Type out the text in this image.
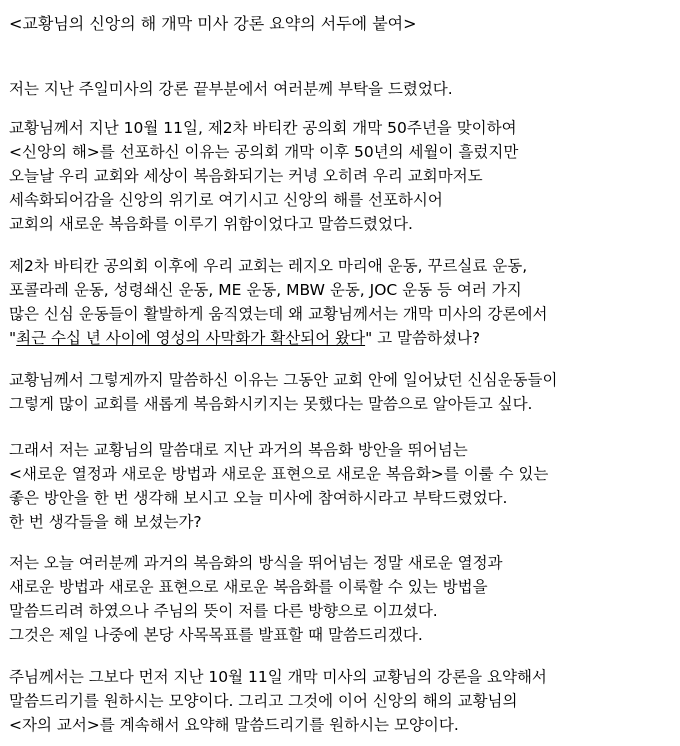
<교황님의 신앙의 해 개막 미사 강론 요약의 서두에 붙여>
저는 지난 주일미사의 강론 끝부분에서 여러분께 부탁을 드렸었다.
교황님께서 지난 10월 11일, 제2차 바티칸 공의회 개막 50주년을 맞이하여
<신앙의 해>를 선포하신 이유는 공의회 개막 이후 50년의 세월이 흘렀지만
오늘날 우리 교회와 세상이 복음화되기는 커녕 오히려 우리 교회마저도
세속화되어감을 신앙의 위기로 여기시고 신앙의 해를 선포하시어
교회의 새로운 복음화를 이루기 위함이었다고 말씀드렸었다.
제2차 바티칸 공의회 이후에 우리 교회는 레지오 마리애 운동, 꾸르실료 운동,
포콜라레 운동, 성령쇄신 운동, ME 운동, MBW 운동, JOC 운동 등 여러 가지
많은 신심 운동들이 활발하게 움직였는데 왜 교황님께서는 개막 미사의 강론에서
"최근 수십 년 사이에 영성의 사막화가 확산되어 왔다" 고 말씀하셨나?
교황님께서 그렇게까지 말씀하신 이유는 그동안 교회 안에 일어났던 신심운동들이
그렇게 많이 교회를 새롭게 복음화시키지는 못했다는 말씀으로 알아듣고 싶다.
그래서 저는 교황님의 말씀대로 지난 과거의 복음화 방안을 뛰어넘는
<새로운 열정과 새로운 방법과 새로운 표현으로 새로운 복음화>를 이룰 수 있는
좋은 방안을 한 번 생각해 보시고 오늘 미사에 참여하시라고 부탁드렸었다.
한 번 생각들을 해 보셨는가?
저는 오늘 여러분께 과거의 복음화의 방식을 뛰어넘는 정말 새로운 열정과
새로운 방법과 새로운 표현으로 새로운 복음화를 이룩할 수 있는 방법을
말씀드리려 하였으나 주님의 뜻이 저를 다른 방향으로 이끄셨다.
그것은 제일 나중에 본당 사목목표를 발표할 때 말씀드리겠다.
주님께서는 그보다 먼저 지난 10월 11일 개막 미사의 교황님의 강론을 요약해서
말씀드리기를 원하시는 모양이다. 그리고 그것에 이어 신앙의 해의 교황님의
<자의 교서>를 계속해서 요약해 말씀드리기를 원하시는 모양이다.
